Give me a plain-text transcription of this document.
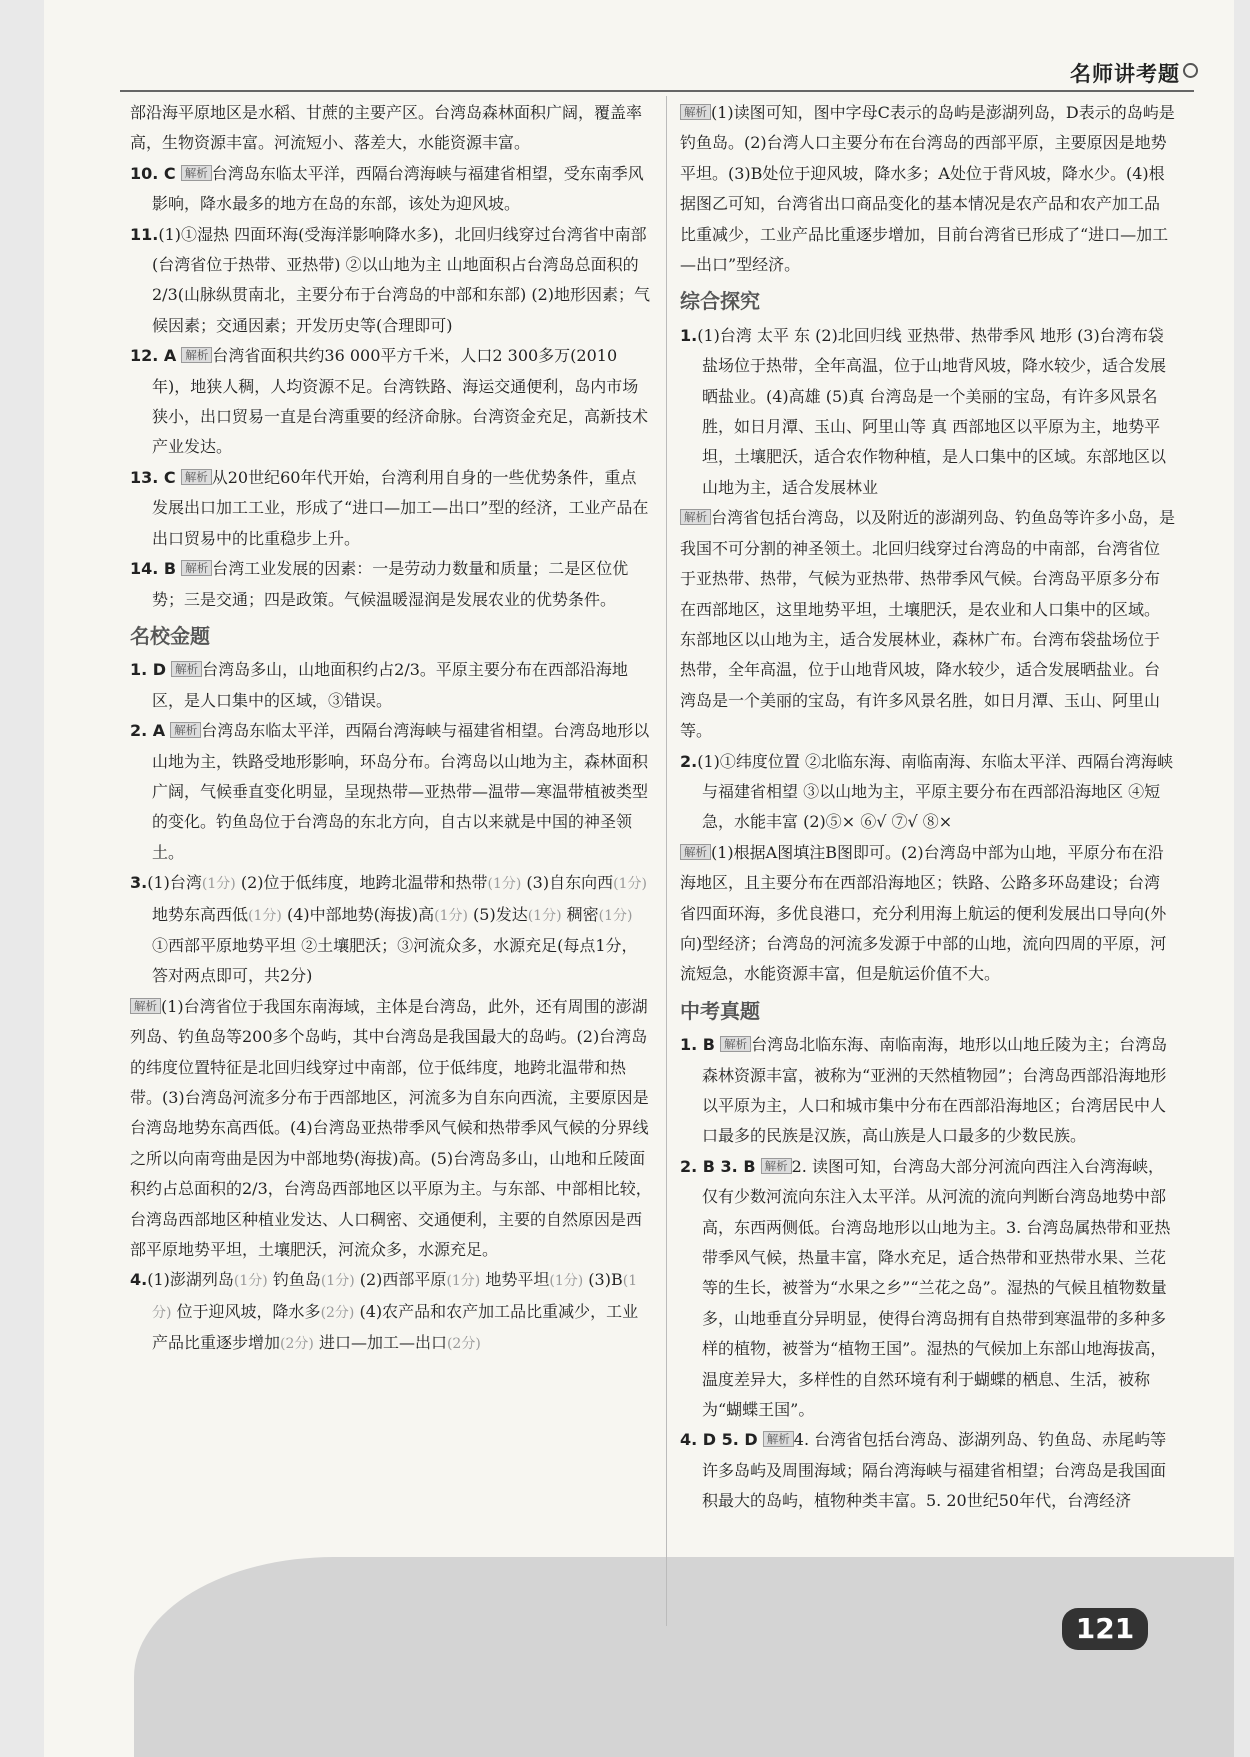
名师讲考题

部沿海平原地区是水稻、甘蔗的主要产区。台湾岛森林面积广阔，覆盖率高，生物资源丰富。河流短小、落差大，水能资源丰富。

10. C 解析 台湾岛东临太平洋，西隔台湾海峡与福建省相望，受东南季风影响，降水最多的地方在岛的东部，该处为迎风坡。

11.(1)①湿热 四面环海(受海洋影响降水多)，北回归线穿过台湾省中南部(台湾省位于热带、亚热带) ②以山地为主 山地面积占台湾岛总面积的2/3(山脉纵贯南北，主要分布于台湾岛的中部和东部) (2)地形因素；气候因素；交通因素；开发历史等(合理即可)

12. A 解析 台湾省面积共约36 000平方千米，人口2 300多万(2010年)，地狭人稠，人均资源不足。台湾铁路、海运交通便利，岛内市场狭小，出口贸易一直是台湾重要的经济命脉。台湾资金充足，高新技术产业发达。

13. C 解析 从20世纪60年代开始，台湾利用自身的一些优势条件，重点发展出口加工工业，形成了“进口—加工—出口”型的经济，工业产品在出口贸易中的比重稳步上升。

14. B 解析 台湾工业发展的因素：一是劳动力数量和质量；二是区位优势；三是交通；四是政策。气候温暖湿润是发展农业的优势条件。

名校金题

1. D 解析 台湾岛多山，山地面积约占2/3。平原主要分布在西部沿海地区，是人口集中的区域，③错误。

2. A 解析 台湾岛东临太平洋，西隔台湾海峡与福建省相望。台湾岛地形以山地为主，铁路受地形影响，环岛分布。台湾岛以山地为主，森林面积广阔，气候垂直变化明显，呈现热带—亚热带—温带—寒温带植被类型的变化。钓鱼岛位于台湾岛的东北方向，自古以来就是中国的神圣领土。

3.(1)台湾(1分) (2)位于低纬度，地跨北温带和热带(1分) (3)自东向西(1分) 地势东高西低(1分) (4)中部地势(海拔)高(1分) (5)发达(1分) 稠密(1分) ①西部平原地势平坦 ②土壤肥沃；③河流众多，水源充足(每点1分，答对两点即可，共2分)

解析 (1)台湾省位于我国东南海域，主体是台湾岛，此外，还有周围的澎湖列岛、钓鱼岛等200多个岛屿，其中台湾岛是我国最大的岛屿。(2)台湾岛的纬度位置特征是北回归线穿过中南部，位于低纬度，地跨北温带和热带。(3)台湾岛河流多分布于西部地区，河流多为自东向西流，主要原因是台湾岛地势东高西低。(4)台湾岛亚热带季风气候和热带季风气候的分界线之所以向南弯曲是因为中部地势(海拔)高。(5)台湾岛多山，山地和丘陵面积约占总面积的2/3，台湾岛西部地区以平原为主。与东部、中部相比较，台湾岛西部地区种植业发达、人口稠密、交通便利，主要的自然原因是西部平原地势平坦，土壤肥沃，河流众多，水源充足。

4.(1)澎湖列岛(1分) 钓鱼岛(1分) (2)西部平原(1分) 地势平坦(1分) (3)B(1分) 位于迎风坡，降水多(2分) (4)农产品和农产加工品比重减少，工业产品比重逐步增加(2分) 进口—加工—出口(2分)

解析 (1)读图可知，图中字母C表示的岛屿是澎湖列岛，D表示的岛屿是钓鱼岛。(2)台湾人口主要分布在台湾岛的西部平原，主要原因是地势平坦。(3)B处位于迎风坡，降水多；A处位于背风坡，降水少。(4)根据图乙可知，台湾省出口商品变化的基本情况是农产品和农产加工品比重减少，工业产品比重逐步增加，目前台湾省已形成了“进口—加工—出口”型经济。

综合探究

1.(1)台湾 太平 东 (2)北回归线 亚热带、热带季风 地形 (3)台湾布袋盐场位于热带，全年高温，位于山地背风坡，降水较少，适合发展晒盐业。(4)高雄 (5)真 台湾岛是一个美丽的宝岛，有许多风景名胜，如日月潭、玉山、阿里山等 真 西部地区以平原为主，地势平坦，土壤肥沃，适合农作物种植，是人口集中的区域。东部地区以山地为主，适合发展林业

解析 台湾省包括台湾岛，以及附近的澎湖列岛、钓鱼岛等许多小岛，是我国不可分割的神圣领土。北回归线穿过台湾岛的中南部，台湾省位于亚热带、热带，气候为亚热带、热带季风气候。台湾岛平原多分布在西部地区，这里地势平坦，土壤肥沃，是农业和人口集中的区域。东部地区以山地为主，适合发展林业，森林广布。台湾布袋盐场位于热带，全年高温，位于山地背风坡，降水较少，适合发展晒盐业。台湾岛是一个美丽的宝岛，有许多风景名胜，如日月潭、玉山、阿里山等。

2.(1)①纬度位置 ②北临东海、南临南海、东临太平洋、西隔台湾海峡与福建省相望 ③以山地为主，平原主要分布在西部沿海地区 ④短急，水能丰富 (2)⑤× ⑥√ ⑦√ ⑧×

解析 (1)根据A图填注B图即可。(2)台湾岛中部为山地，平原分布在沿海地区，且主要分布在西部沿海地区；铁路、公路多环岛建设；台湾省四面环海，多优良港口，充分利用海上航运的便利发展出口导向(外向)型经济；台湾岛的河流多发源于中部的山地，流向四周的平原，河流短急，水能资源丰富，但是航运价值不大。

中考真题

1. B 解析 台湾岛北临东海、南临南海，地形以山地丘陵为主；台湾岛森林资源丰富，被称为“亚洲的天然植物园”；台湾岛西部沿海地形以平原为主，人口和城市集中分布在西部沿海地区；台湾居民中人口最多的民族是汉族，高山族是人口最多的少数民族。

2. B 3. B 解析 2. 读图可知，台湾岛大部分河流向西注入台湾海峡，仅有少数河流向东注入太平洋。从河流的流向判断台湾岛地势中部高，东西两侧低。台湾岛地形以山地为主。3. 台湾岛属热带和亚热带季风气候，热量丰富，降水充足，适合热带和亚热带水果、兰花等的生长，被誉为“水果之乡”“兰花之岛”。湿热的气候且植物数量多，山地垂直分异明显，使得台湾岛拥有自热带到寒温带的多种多样的植物，被誉为“植物王国”。湿热的气候加上东部山地海拔高，温度差异大，多样性的自然环境有利于蝴蝶的栖息、生活，被称为“蝴蝶王国”。

4. D 5. D 解析 4. 台湾省包括台湾岛、澎湖列岛、钓鱼岛、赤尾屿等许多岛屿及周围海域；隔台湾海峡与福建省相望；台湾岛是我国面积最大的岛屿，植物种类丰富。5. 20世纪50年代，台湾经济

121
